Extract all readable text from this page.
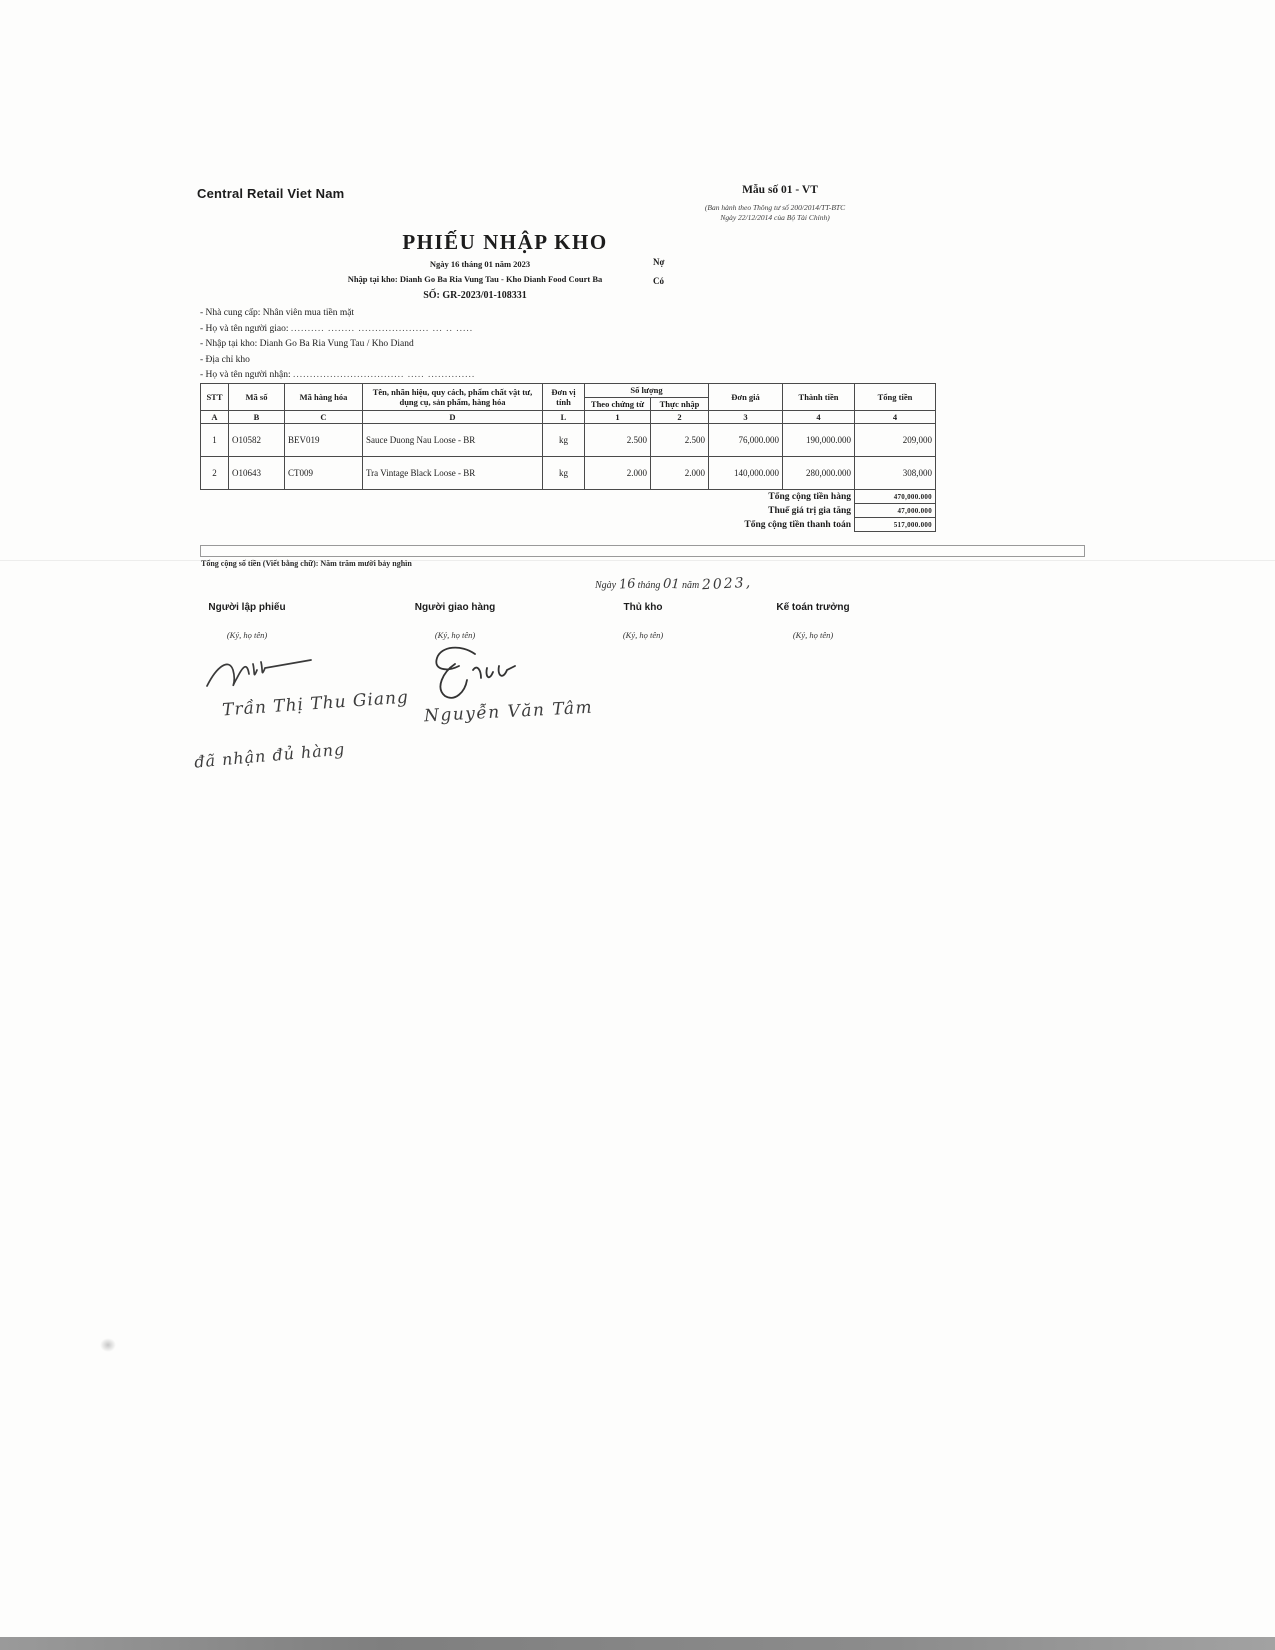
Central Retail Viet Nam	Mẫu số 01 - VT
(Ban hành theo Thông tư số 200/2014/TT-BTC
Ngày 22/12/2014 của Bộ Tài Chính)
PHIẾU NHẬP KHO
Ngày 16 tháng 01 năm 2023	Nợ
Có
Nhập tại kho: Dianh Go Ba Ria Vung Tau - Kho Dianh Food Court Ba
SỐ: GR-2023/01-108331
- Nhà cung cấp: Nhân viên mua tiền mặt
- Họ và tên người giao: .......... ........ ..................... ... .. .....
- Nhập tại kho: Dianh Go Ba Ria Vung Tau / Kho Diand
- Địa chỉ kho
- Họ và tên người nhận: ................................. ..... ..............
STT	Mã số	Mã hàng hóa	Tên, nhãn hiệu, quy cách, phẩm chất vật tư, dụng cụ, sản phẩm, hàng hóa	Đơn vị tính	Số lượng		Đơn giá	Thành tiền	Tổng tiền
					Theo chứng từ	Thực nhập			
A	B	C	D	L	1	2	3	4	4
1	O10582	BEV019	Sauce Duong Nau Loose - BR	kg	2.500	2.500	76,000.000	190,000.000	209,000
2	O10643	CT009	Tra Vintage Black Loose - BR	kg	2.000	2.000	140,000.000	280,000.000	308,000
Tổng cộng tiền hàng									470,000.000
Thuế giá trị gia tăng									47,000.000
Tổng cộng tiền thanh toán									517,000.000
Tổng cộng số tiền (Viết bằng chữ): Năm trăm mười bảy nghìn
Ngày 16 tháng 01 năm 2023,
Người lập phiếu
(Ký, họ tên)
Người giao hàng
(Ký, họ tên)
Thủ kho
(Ký, họ tên)
Kế toán trưởng
(Ký, họ tên)
Trần Thị Thu Giang
đã nhận đủ hàng
Nguyễn Văn Tâm
